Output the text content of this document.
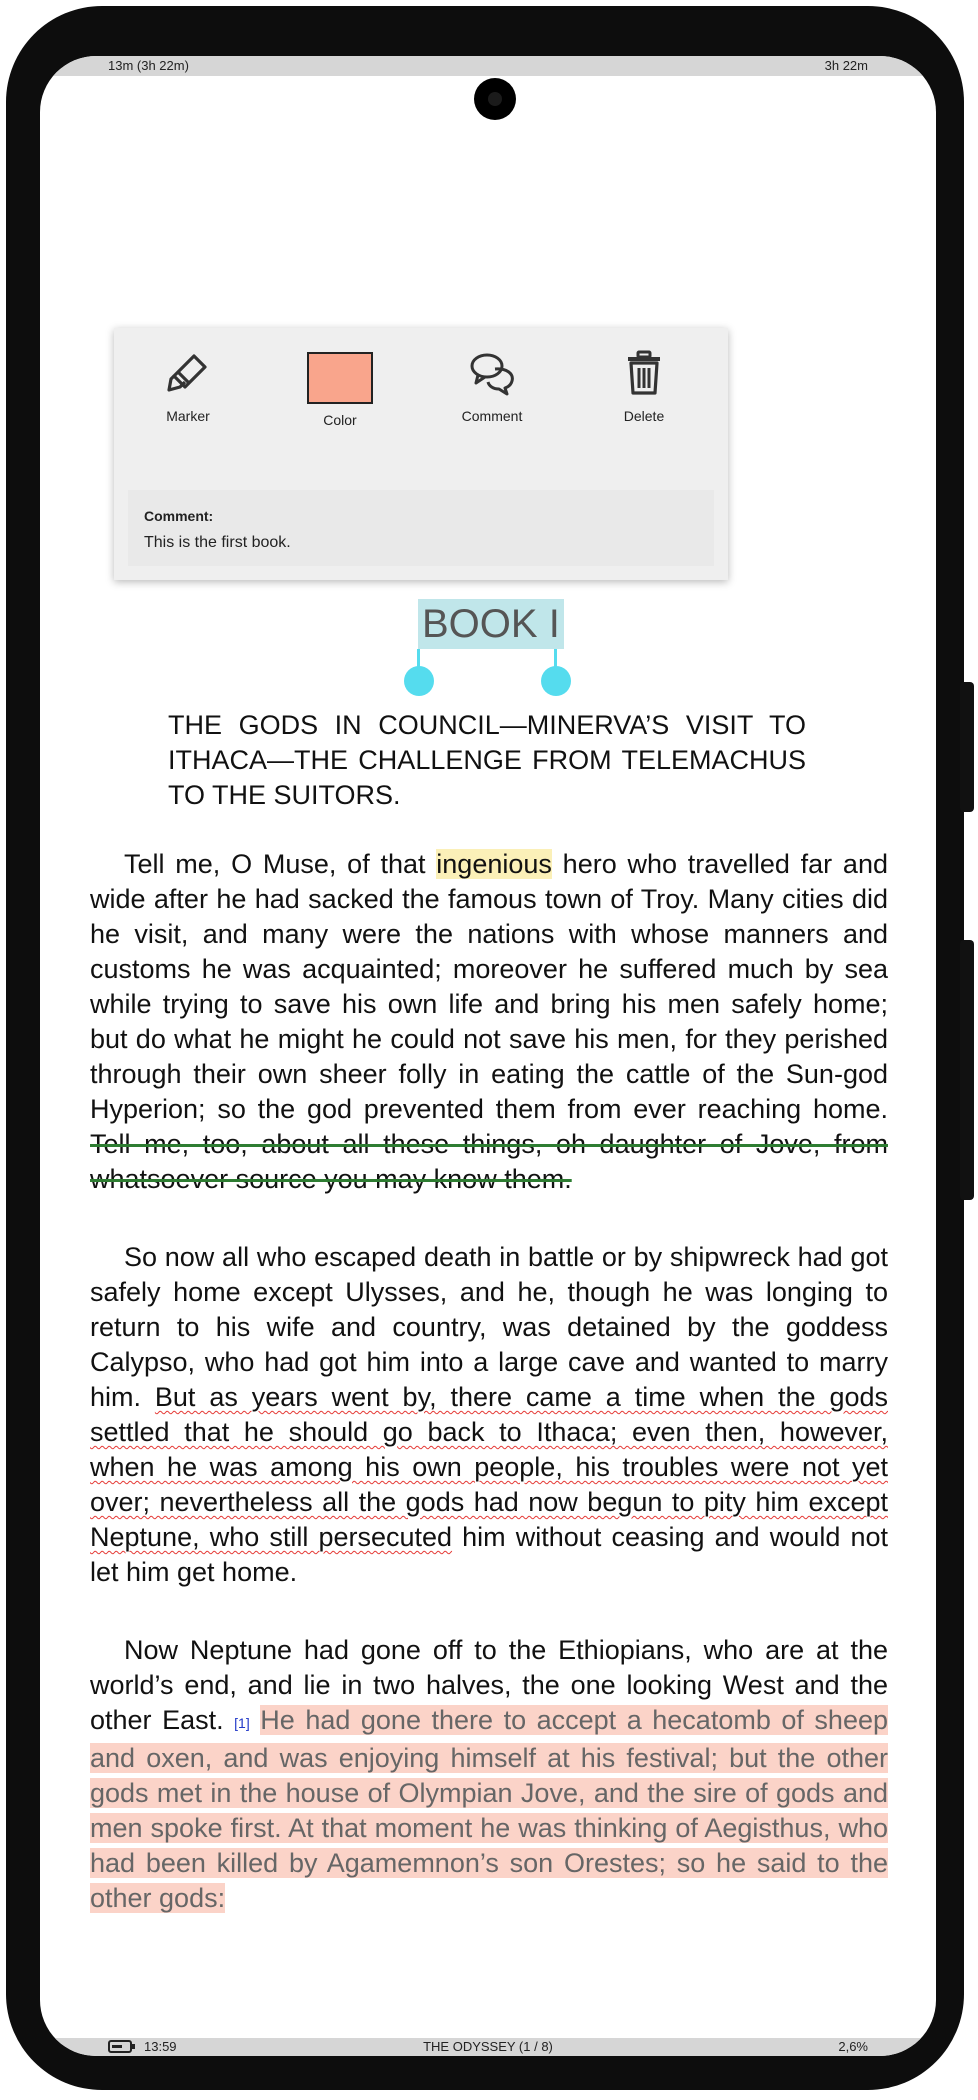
13m (3h 22m)	3h 22m
Marker	Color	Comment	Delete
Comment:
This is the first book.
BOOK I
THE GODS IN COUNCIL—MINERVA’S VISIT TO ITHACA—THE CHALLENGE FROM TELEMACHUS TO THE SUITORS.

Tell me, O Muse, of that ingenious hero who travelled far and wide after he had sacked the famous town of Troy. Many cities did he visit, and many were the nations with whose manners and customs he was acquainted; moreover he suffered much by sea while trying to save his own life and bring his men safely home; but do what he might he could not save his men, for they perished through their own sheer folly in eating the cattle of the Sun-god Hyperion; so the god prevented them from ever reaching home. Tell me, too, about all these things, oh daughter of Jove, from whatsoever source you may know them.

So now all who escaped death in battle or by shipwreck had got safely home except Ulysses, and he, though he was longing to return to his wife and country, was detained by the goddess Calypso, who had got him into a large cave and wanted to marry him. But as years went by, there came a time when the gods settled that he should go back to Ithaca; even then, however, when he was among his own people, his troubles were not yet over; nevertheless all the gods had now begun to pity him except Neptune, who still persecuted him without ceasing and would not let him get home.

Now Neptune had gone off to the Ethiopians, who are at the world’s end, and lie in two halves, the one looking West and the other East. [1] He had gone there to accept a hecatomb of sheep and oxen, and was enjoying himself at his festival; but the other gods met in the house of Olympian Jove, and the sire of gods and men spoke first. At that moment he was thinking of Aegisthus, who had been killed by Agamemnon’s son Orestes; so he said to the other gods:

13:59	THE ODYSSEY (1 / 8)	2,6%
